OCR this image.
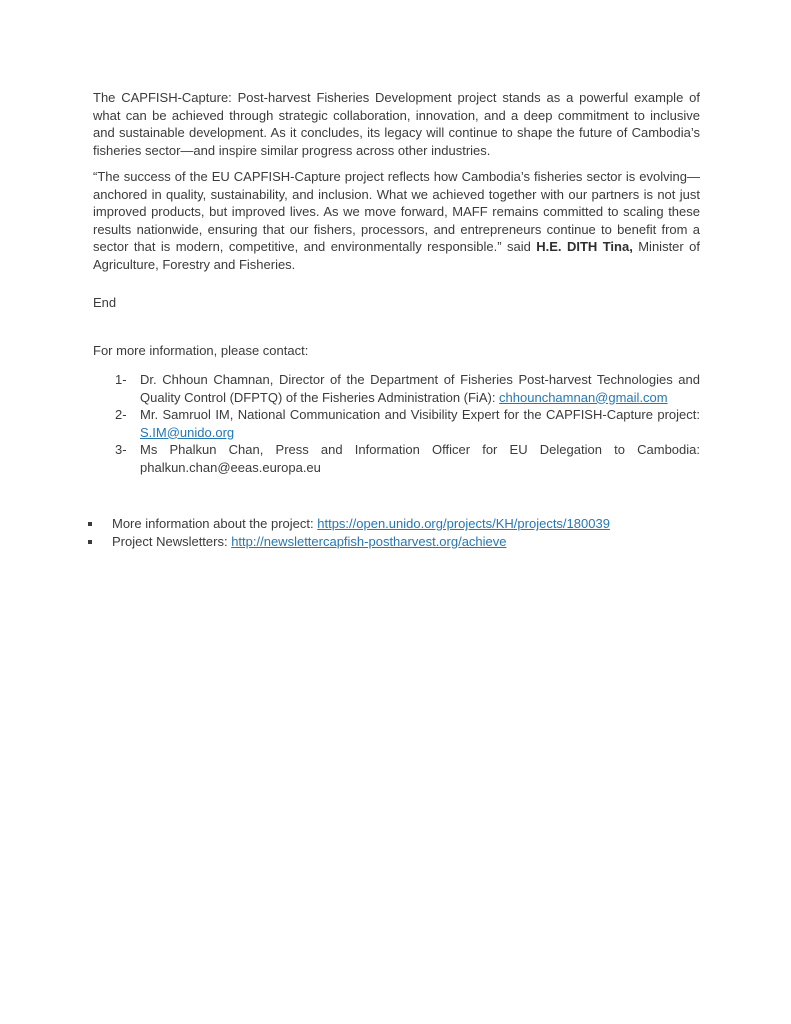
The CAPFISH-Capture: Post-harvest Fisheries Development project stands as a powerful example of what can be achieved through strategic collaboration, innovation, and a deep commitment to inclusive and sustainable development. As it concludes, its legacy will continue to shape the future of Cambodia’s fisheries sector—and inspire similar progress across other industries.

“The success of the EU CAPFISH-Capture project reflects how Cambodia’s fisheries sector is evolving—anchored in quality, sustainability, and inclusion. What we achieved together with our partners is not just improved products, but improved lives. As we move forward, MAFF remains committed to scaling these results nationwide, ensuring that our fishers, processors, and entrepreneurs continue to benefit from a sector that is modern, competitive, and environmentally responsible.” said H.E. DITH Tina, Minister of Agriculture, Forestry and Fisheries.

End

For more information, please contact:

1-	Dr. Chhoun Chamnan, Director of the Department of Fisheries Post-harvest Technologies and Quality Control (DFPTQ) of the Fisheries Administration (FiA): chhounchamnan@gmail.com
2-	Mr. Samruol IM, National Communication and Visibility Expert for the CAPFISH-Capture project: S.IM@unido.org
3-	Ms Phalkun Chan, Press and Information Officer for EU Delegation to Cambodia: phalkun.chan@eeas.europa.eu
More information about the project: https://open.unido.org/projects/KH/projects/180039
Project Newsletters: http://newslettercapfish-postharvest.org/achieve
